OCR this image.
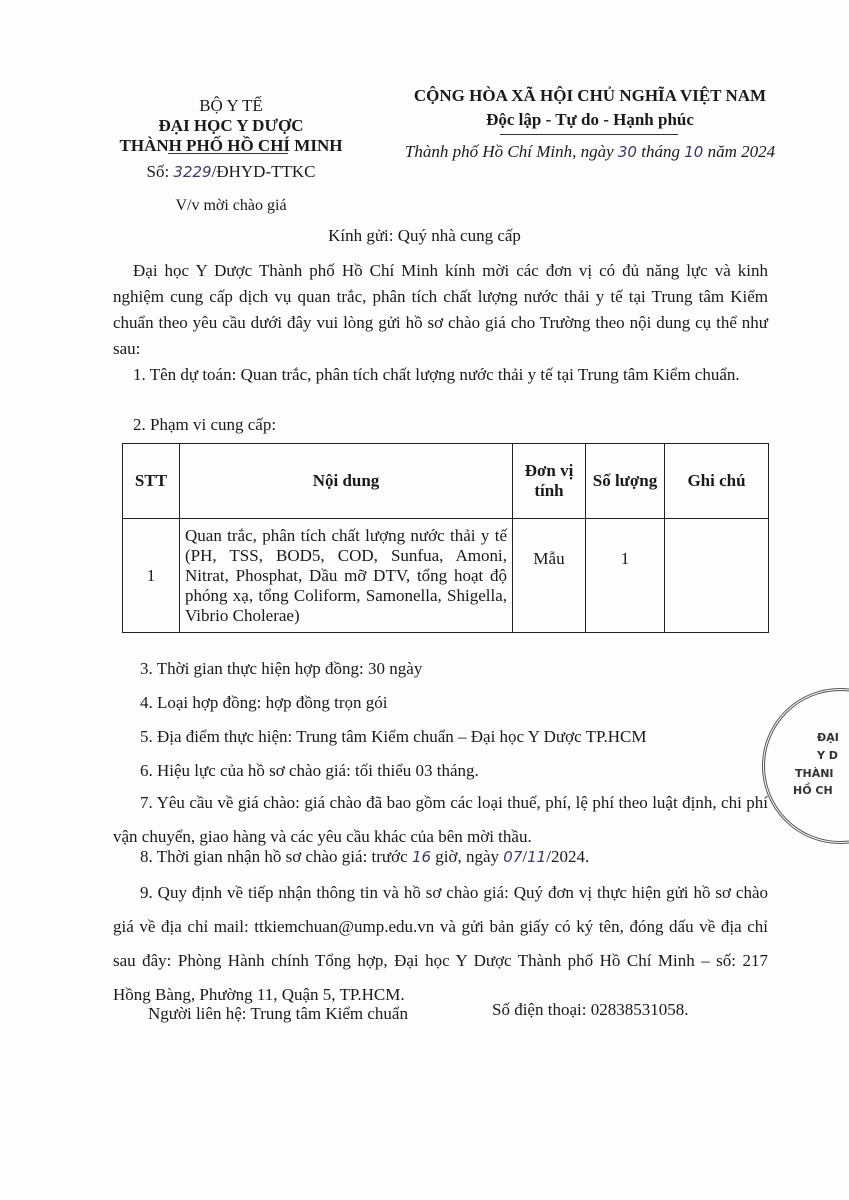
BỘ Y TẾ
ĐẠI HỌC Y DƯỢC
THÀNH PHỐ HỒ CHÍ MINH
Số: 3229/ĐHYD-TTKC
V/v mời chào giá
CỘNG HÒA XÃ HỘI CHỦ NGHĨA VIỆT NAM
Độc lập - Tự do - Hạnh phúc
Thành phố Hồ Chí Minh, ngày 30 tháng 10 năm 2024
Kính gửi: Quý nhà cung cấp
Đại học Y Dược Thành phố Hồ Chí Minh kính mời các đơn vị có đủ năng lực và kinh nghiệm cung cấp dịch vụ quan trắc, phân tích chất lượng nước thải y tế tại Trung tâm Kiểm chuẩn theo yêu cầu dưới đây vui lòng gửi hồ sơ chào giá cho Trường theo nội dung cụ thể như sau:
1. Tên dự toán: Quan trắc, phân tích chất lượng nước thải y tế tại Trung tâm Kiểm chuẩn.
2. Phạm vi cung cấp:
STT	Nội dung	Đơn vị tính	Số lượng	Ghi chú
1	Quan trắc, phân tích chất lượng nước thải y tế (PH, TSS, BOD5, COD, Sunfua, Amoni, Nitrat, Phosphat, Dầu mỡ DTV, tổng hoạt độ phóng xạ, tổng Coliform, Samonella, Shigella, Vibrio Cholerae)	Mẫu	1	
3. Thời gian thực hiện hợp đồng: 30 ngày
4. Loại hợp đồng: hợp đồng trọn gói
5. Địa điểm thực hiện: Trung tâm Kiểm chuẩn – Đại học Y Dược TP.HCM
6. Hiệu lực của hồ sơ chào giá: tối thiểu 03 tháng.
7. Yêu cầu về giá chào: giá chào đã bao gồm các loại thuế, phí, lệ phí theo luật định, chi phí vận chuyển, giao hàng và các yêu cầu khác của bên mời thầu.
8. Thời gian nhận hồ sơ chào giá: trước 16 giờ, ngày 07/11/2024.
9. Quy định về tiếp nhận thông tin và hồ sơ chào giá: Quý đơn vị thực hiện gửi hồ sơ chào giá về địa chỉ mail: ttkiemchuan@ump.edu.vn và gửi bản giấy có ký tên, đóng dấu về địa chỉ sau đây: Phòng Hành chính Tổng hợp, Đại học Y Dược Thành phố Hồ Chí Minh – số: 217 Hồng Bàng, Phường 11, Quận 5, TP.HCM.
Người liên hệ: Trung tâm Kiểm chuẩn	Số điện thoại: 02838531058.
ĐẠI
Y D
THÀNI
HỒ CH
